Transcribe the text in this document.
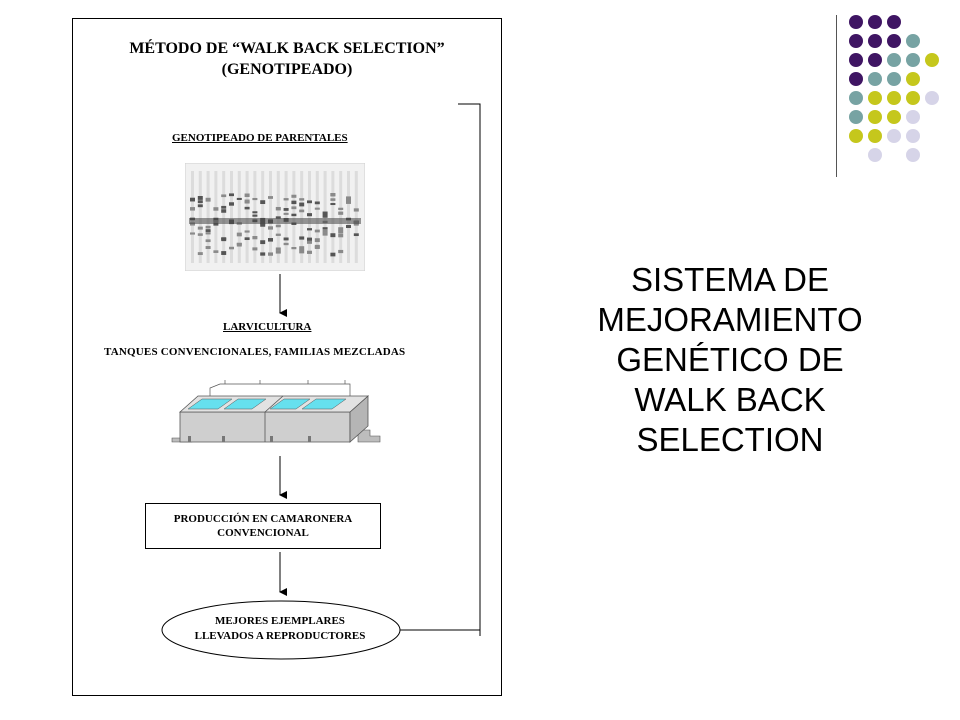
MÉTODO DE “WALK BACK SELECTION”
(GENOTIPEADO)
GENOTIPEADO DE PARENTALES
LARVICULTURA
TANQUES CONVENCIONALES, FAMILIAS MEZCLADAS
PRODUCCIÓN EN CAMARONERA
CONVENCIONAL
MEJORES EJEMPLARES
LLEVADOS A REPRODUCTORES
SISTEMA DE
MEJORAMIENTO
GENÉTICO DE
WALK BACK
SELECTION
